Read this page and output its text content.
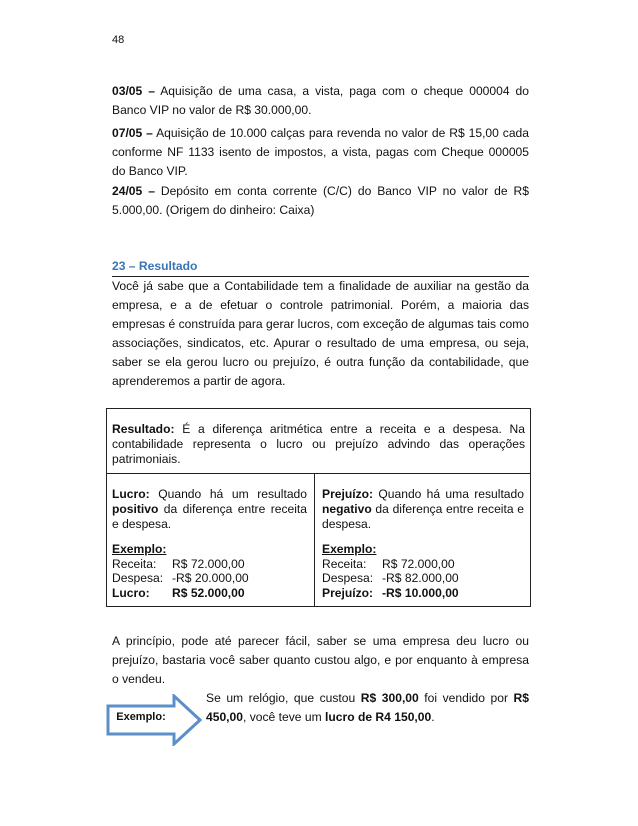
48

03/05 – Aquisição de uma casa, a vista, paga com o cheque 000004 do Banco VIP no valor de R$ 30.000,00.

07/05 – Aquisição de 10.000 calças para revenda no valor de R$ 15,00 cada conforme NF 1133 isento de impostos, a vista, pagas com Cheque 000005 do Banco VIP.

24/05 – Depósito em conta corrente (C/C) do Banco VIP no valor de R$ 5.000,00. (Origem do dinheiro: Caixa)

23 – Resultado

Você já sabe que a Contabilidade tem a finalidade de auxiliar na gestão da empresa, e a de efetuar o controle patrimonial. Porém, a maioria das empresas é construída para gerar lucros, com exceção de algumas tais como associações, sindicatos, etc. Apurar o resultado de uma empresa, ou seja, saber se ela gerou lucro ou prejuízo, é outra função da contabilidade, que aprenderemos a partir de agora.

Resultado: É a diferença aritmética entre a receita e a despesa. Na contabilidade representa o lucro ou prejuízo advindo das operações patrimoniais.
Lucro: Quando há um resultado positivo da diferença entre receita e despesa.
Exemplo:
Receita: R$ 72.000,00
Despesa: -R$ 20.000,00
Lucro: R$ 52.000,00
Prejuízo: Quando há uma resultado negativo da diferença entre receita e despesa.
Exemplo:
Receita: R$ 72.000,00
Despesa: -R$ 82.000,00
Prejuízo: -R$ 10.000,00

A princípio, pode até parecer fácil, saber se uma empresa deu lucro ou prejuízo, bastaria você saber quanto custou algo, e por enquanto à empresa o vendeu.

Exemplo:

Se um relógio, que custou R$ 300,00 foi vendido por R$ 450,00, você teve um lucro de R4 150,00.
